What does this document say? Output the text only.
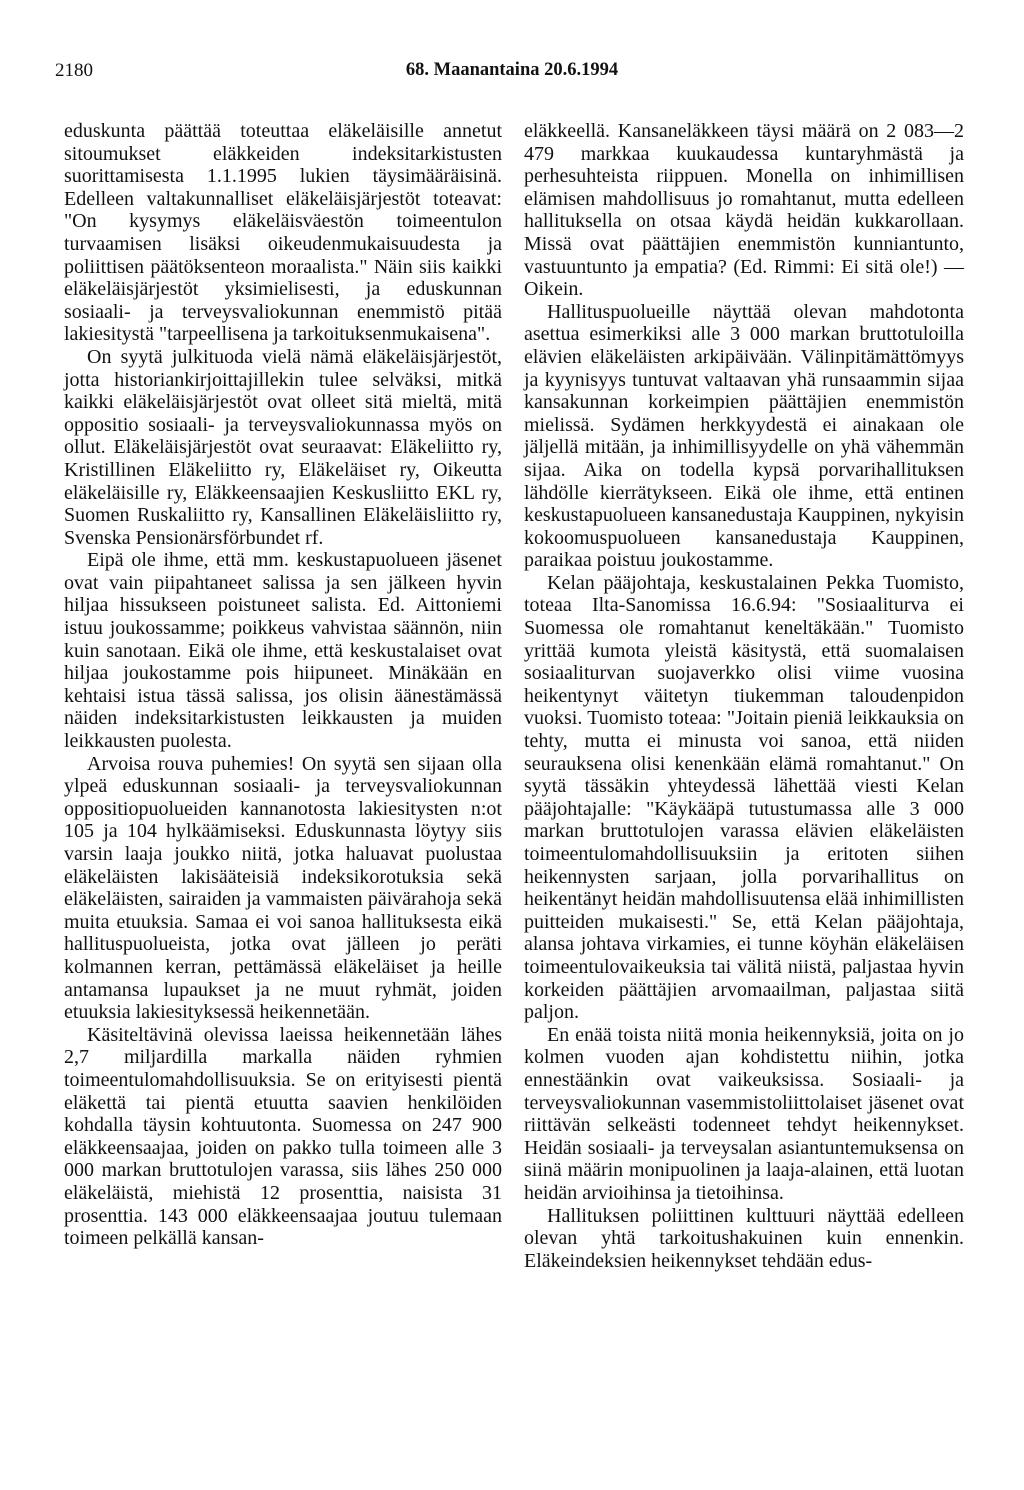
2180	68. Maanantaina 20.6.1994

eduskunta päättää toteuttaa eläkeläisille annetut sitoumukset eläkkeiden indeksitarkistusten suorittamisesta 1.1.1995 lukien täysimääräisinä. Edelleen valtakunnalliset eläkeläisjärjestöt toteavat: "On kysymys eläkeläisväestön toimeentulon turvaamisen lisäksi oikeudenmukaisuudesta ja poliittisen päätöksenteon moraalista." Näin siis kaikki eläkeläisjärjestöt yksimielisesti, ja eduskunnan sosiaali- ja terveysvaliokunnan enemmistö pitää lakiesitystä "tarpeellisena ja tarkoituksenmukaisena".

On syytä julkituoda vielä nämä eläkeläisjärjestöt, jotta historiankirjoittajillekin tulee selväksi, mitkä kaikki eläkeläisjärjestöt ovat olleet sitä mieltä, mitä oppositio sosiaali- ja terveysvaliokunnassa myös on ollut. Eläkeläisjärjestöt ovat seuraavat: Eläkeliitto ry, Kristillinen Eläkeliitto ry, Eläkeläiset ry, Oikeutta eläkeläisille ry, Eläkkeensaajien Keskusliitto EKL ry, Suomen Ruskaliitto ry, Kansallinen Eläkeläisliitto ry, Svenska Pensionärsförbundet rf.

Eipä ole ihme, että mm. keskustapuolueen jäsenet ovat vain piipahtaneet salissa ja sen jälkeen hyvin hiljaa hissukseen poistuneet salista. Ed. Aittoniemi istuu joukossamme; poikkeus vahvistaa säännön, niin kuin sanotaan. Eikä ole ihme, että keskustalaiset ovat hiljaa joukostamme pois hiipuneet. Minäkään en kehtaisi istua tässä salissa, jos olisin äänestämässä näiden indeksitarkistusten leikkausten ja muiden leikkausten puolesta.

Arvoisa rouva puhemies! On syytä sen sijaan olla ylpeä eduskunnan sosiaali- ja terveysvaliokunnan oppositiopuolueiden kannanotosta lakiesitysten n:ot 105 ja 104 hylkäämiseksi. Eduskunnasta löytyy siis varsin laaja joukko niitä, jotka haluavat puolustaa eläkeläisten lakisääteisiä indeksikorotuksia sekä eläkeläisten, sairaiden ja vammaisten päivärahoja sekä muita etuuksia. Samaa ei voi sanoa hallituksesta eikä hallituspuolueista, jotka ovat jälleen jo peräti kolmannen kerran, pettämässä eläkeläiset ja heille antamansa lupaukset ja ne muut ryhmät, joiden etuuksia lakiesityksessä heikennetään.

Käsiteltävinä olevissa laeissa heikennetään lähes 2,7 miljardilla markalla näiden ryhmien toimeentulomahdollisuuksia. Se on erityisesti pientä eläkettä tai pientä etuutta saavien henkilöiden kohdalla täysin kohtuutonta. Suomessa on 247 900 eläkkeensaajaa, joiden on pakko tulla toimeen alle 3 000 markan bruttotulojen varassa, siis lähes 250 000 eläkeläistä, miehistä 12 prosenttia, naisista 31 prosenttia. 143 000 eläkkeensaajaa joutuu tulemaan toimeen pelkällä kansan-

eläkkeellä. Kansaneläkkeen täysi määrä on 2 083—2 479 markkaa kuukaudessa kuntaryhmästä ja perhesuhteista riippuen. Monella on inhimillisen elämisen mahdollisuus jo romahtanut, mutta edelleen hallituksella on otsaa käydä heidän kukkarollaan. Missä ovat päättäjien enemmistön kunniantunto, vastuuntunto ja empatia? (Ed. Rimmi: Ei sitä ole!) — Oikein.

Hallituspuolueille näyttää olevan mahdotonta asettua esimerkiksi alle 3 000 markan bruttotuloilla elävien eläkeläisten arkipäivään. Välinpitämättömyys ja kyynisyys tuntuvat valtaavan yhä runsaammin sijaa kansakunnan korkeimpien päättäjien enemmistön mielissä. Sydämen herkkyydestä ei ainakaan ole jäljellä mitään, ja inhimillisyydelle on yhä vähemmän sijaa. Aika on todella kypsä porvarihallituksen lähdölle kierrätykseen. Eikä ole ihme, että entinen keskustapuolueen kansanedustaja Kauppinen, nykyisin kokoomuspuolueen kansanedustaja Kauppinen, paraikaa poistuu joukostamme.

Kelan pääjohtaja, keskustalainen Pekka Tuomisto, toteaa Ilta-Sanomissa 16.6.94: "Sosiaaliturva ei Suomessa ole romahtanut keneltäkään." Tuomisto yrittää kumota yleistä käsitystä, että suomalaisen sosiaaliturvan suojaverkko olisi viime vuosina heikentynyt väitetyn tiukemman taloudenpidon vuoksi. Tuomisto toteaa: "Joitain pieniä leikkauksia on tehty, mutta ei minusta voi sanoa, että niiden seurauksena olisi kenenkään elämä romahtanut." On syytä tässäkin yhteydessä lähettää viesti Kelan pääjohtajalle: "Käykääpä tutustumassa alle 3 000 markan bruttotulojen varassa elävien eläkeläisten toimeentulomahdollisuuksiin ja eritoten siihen heikennysten sarjaan, jolla porvarihallitus on heikentänyt heidän mahdollisuutensa elää inhimillisten puitteiden mukaisesti." Se, että Kelan pääjohtaja, alansa johtava virkamies, ei tunne köyhän eläkeläisen toimeentulovaikeuksia tai välitä niistä, paljastaa hyvin korkeiden päättäjien arvomaailman, paljastaa siitä paljon.

En enää toista niitä monia heikennyksiä, joita on jo kolmen vuoden ajan kohdistettu niihin, jotka ennestäänkin ovat vaikeuksissa. Sosiaali- ja terveysvaliokunnan vasemmistoliittolaiset jäsenet ovat riittävän selkeästi todenneet tehdyt heikennykset. Heidän sosiaali- ja terveysalan asiantuntemuksensa on siinä määrin monipuolinen ja laaja-alainen, että luotan heidän arvioihinsa ja tietoihinsa.

Hallituksen poliittinen kulttuuri näyttää edelleen olevan yhtä tarkoitushakuinen kuin ennenkin. Eläkeindeksien heikennykset tehdään edus-
